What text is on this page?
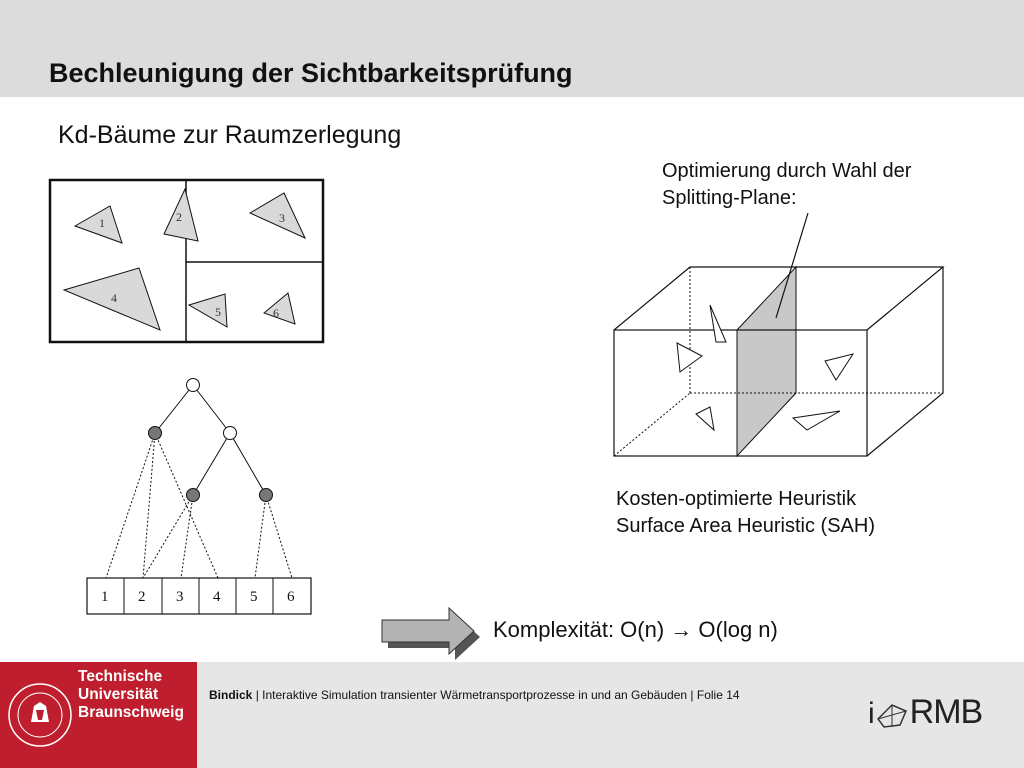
Bechleunigung der Sichtbarkeitsprüfung
Kd-Bäume zur Raumzerlegung
1	2	3
4
5	6
1 2 3 4 5 6
Optimierung durch Wahl der
Splitting-Plane:
Kosten-optimierte Heuristik
Surface Area Heuristic (SAH)
Komplexität: O(n) → O(log n)
Technische
Universität
Braunschweig
Bindick | Interaktive Simulation transienter Wärmetransportprozesse in und an Gebäuden | Folie 14
i RMB
